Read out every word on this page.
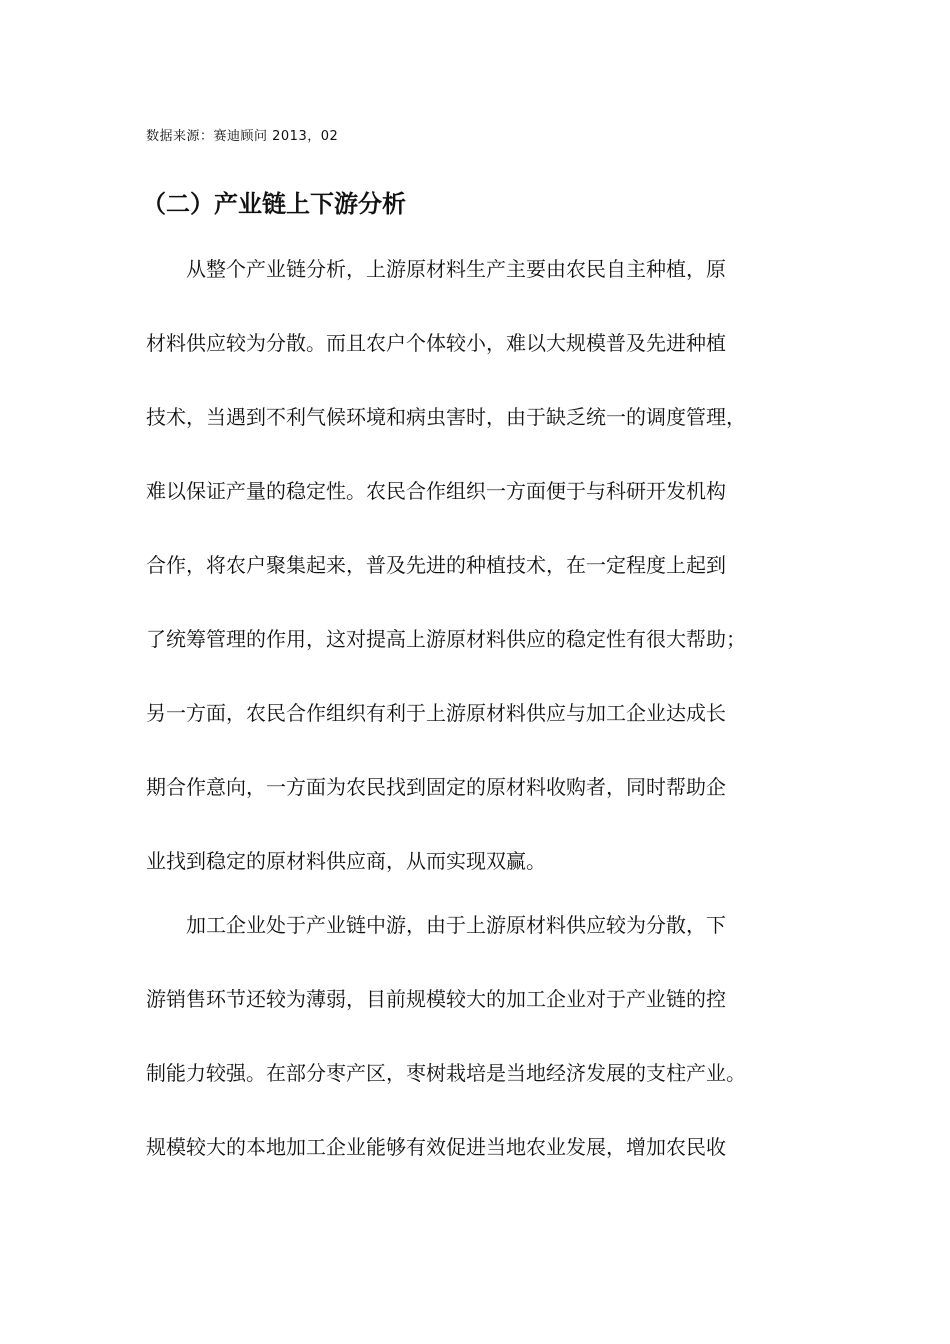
数据来源：赛迪顾问 2013，02
（二）产业链上下游分析
　　从整个产业链分析，上游原材料生产主要由农民自主种植，原
材料供应较为分散。而且农户个体较小，难以大规模普及先进种植
技术，当遇到不利气候环境和病虫害时，由于缺乏统一的调度管理，
难以保证产量的稳定性。农民合作组织一方面便于与科研开发机构
合作，将农户聚集起来，普及先进的种植技术，在一定程度上起到
了统筹管理的作用，这对提高上游原材料供应的稳定性有很大帮助；
另一方面，农民合作组织有利于上游原材料供应与加工企业达成长
期合作意向，一方面为农民找到固定的原材料收购者，同时帮助企
业找到稳定的原材料供应商，从而实现双赢。
　　加工企业处于产业链中游，由于上游原材料供应较为分散，下
游销售环节还较为薄弱，目前规模较大的加工企业对于产业链的控
制能力较强。在部分枣产区，枣树栽培是当地经济发展的支柱产业。
规模较大的本地加工企业能够有效促进当地农业发展，增加农民收
